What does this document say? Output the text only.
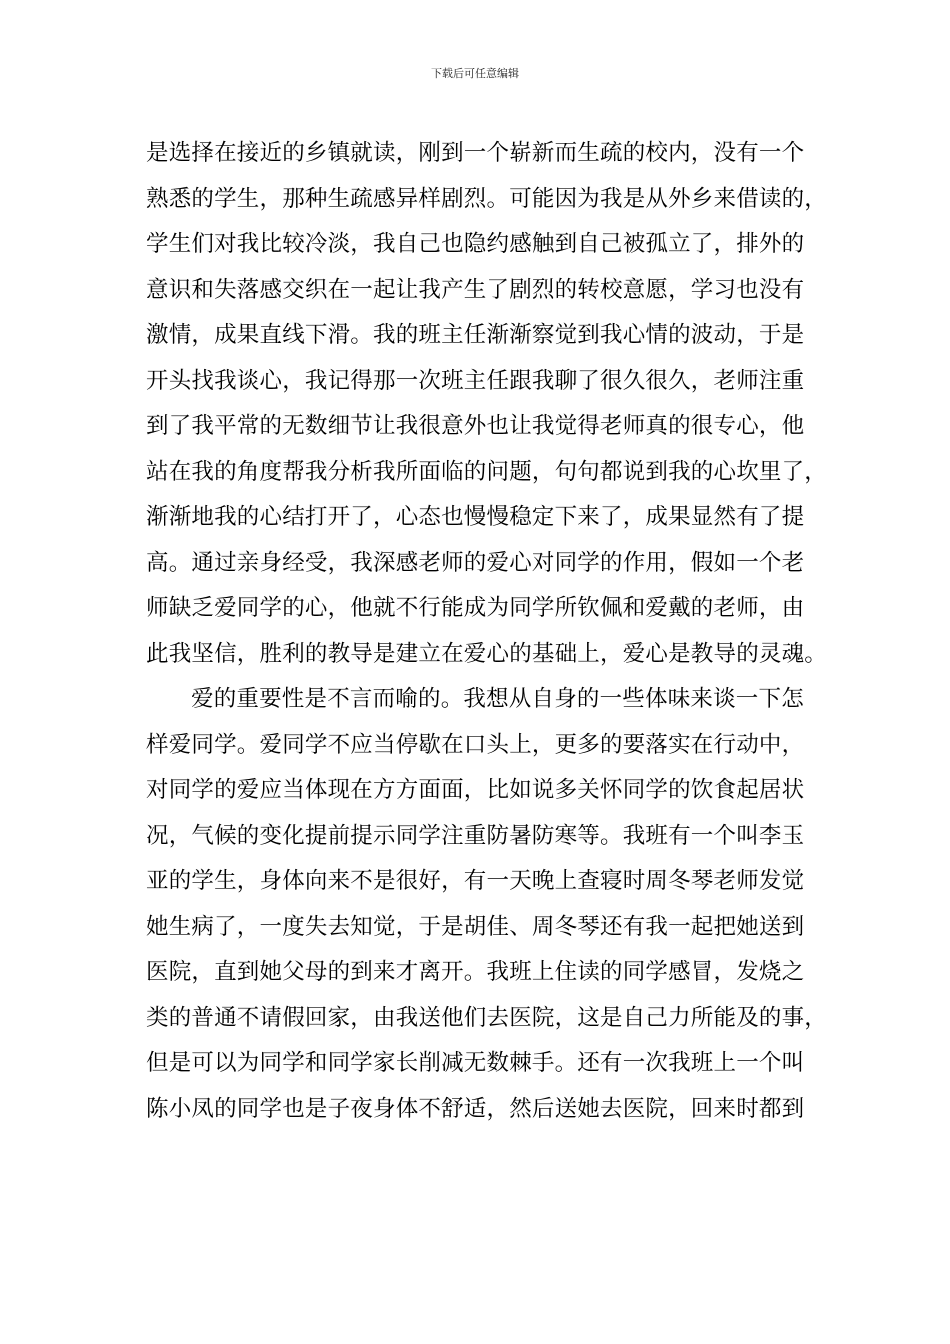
下载后可任意编辑
是选择在接近的乡镇就读，刚到一个崭新而生疏的校内，没有一个
熟悉的学生，那种生疏感异样剧烈。可能因为我是从外乡来借读的，
学生们对我比较冷淡，我自己也隐约感触到自己被孤立了，排外的
意识和失落感交织在一起让我产生了剧烈的转校意愿，学习也没有
激情，成果直线下滑。我的班主任渐渐察觉到我心情的波动，于是
开头找我谈心，我记得那一次班主任跟我聊了很久很久，老师注重
到了我平常的无数细节让我很意外也让我觉得老师真的很专心，他
站在我的角度帮我分析我所面临的问题，句句都说到我的心坎里了，
渐渐地我的心结打开了，心态也慢慢稳定下来了，成果显然有了提
高。通过亲身经受，我深感老师的爱心对同学的作用，假如一个老
师缺乏爱同学的心，他就不行能成为同学所钦佩和爱戴的老师，由
此我坚信，胜利的教导是建立在爱心的基础上，爱心是教导的灵魂。
爱的重要性是不言而喻的。我想从自身的一些体味来谈一下怎
样爱同学。爱同学不应当停歇在口头上，更多的要落实在行动中，
对同学的爱应当体现在方方面面，比如说多关怀同学的饮食起居状
况，气候的变化提前提示同学注重防暑防寒等。我班有一个叫李玉
亚的学生，身体向来不是很好，有一天晚上查寝时周冬琴老师发觉
她生病了，一度失去知觉，于是胡佳、周冬琴还有我一起把她送到
医院，直到她父母的到来才离开。我班上住读的同学感冒，发烧之
类的普通不请假回家，由我送他们去医院，这是自己力所能及的事，
但是可以为同学和同学家长削减无数棘手。还有一次我班上一个叫
陈小凤的同学也是子夜身体不舒适，然后送她去医院，回来时都到
